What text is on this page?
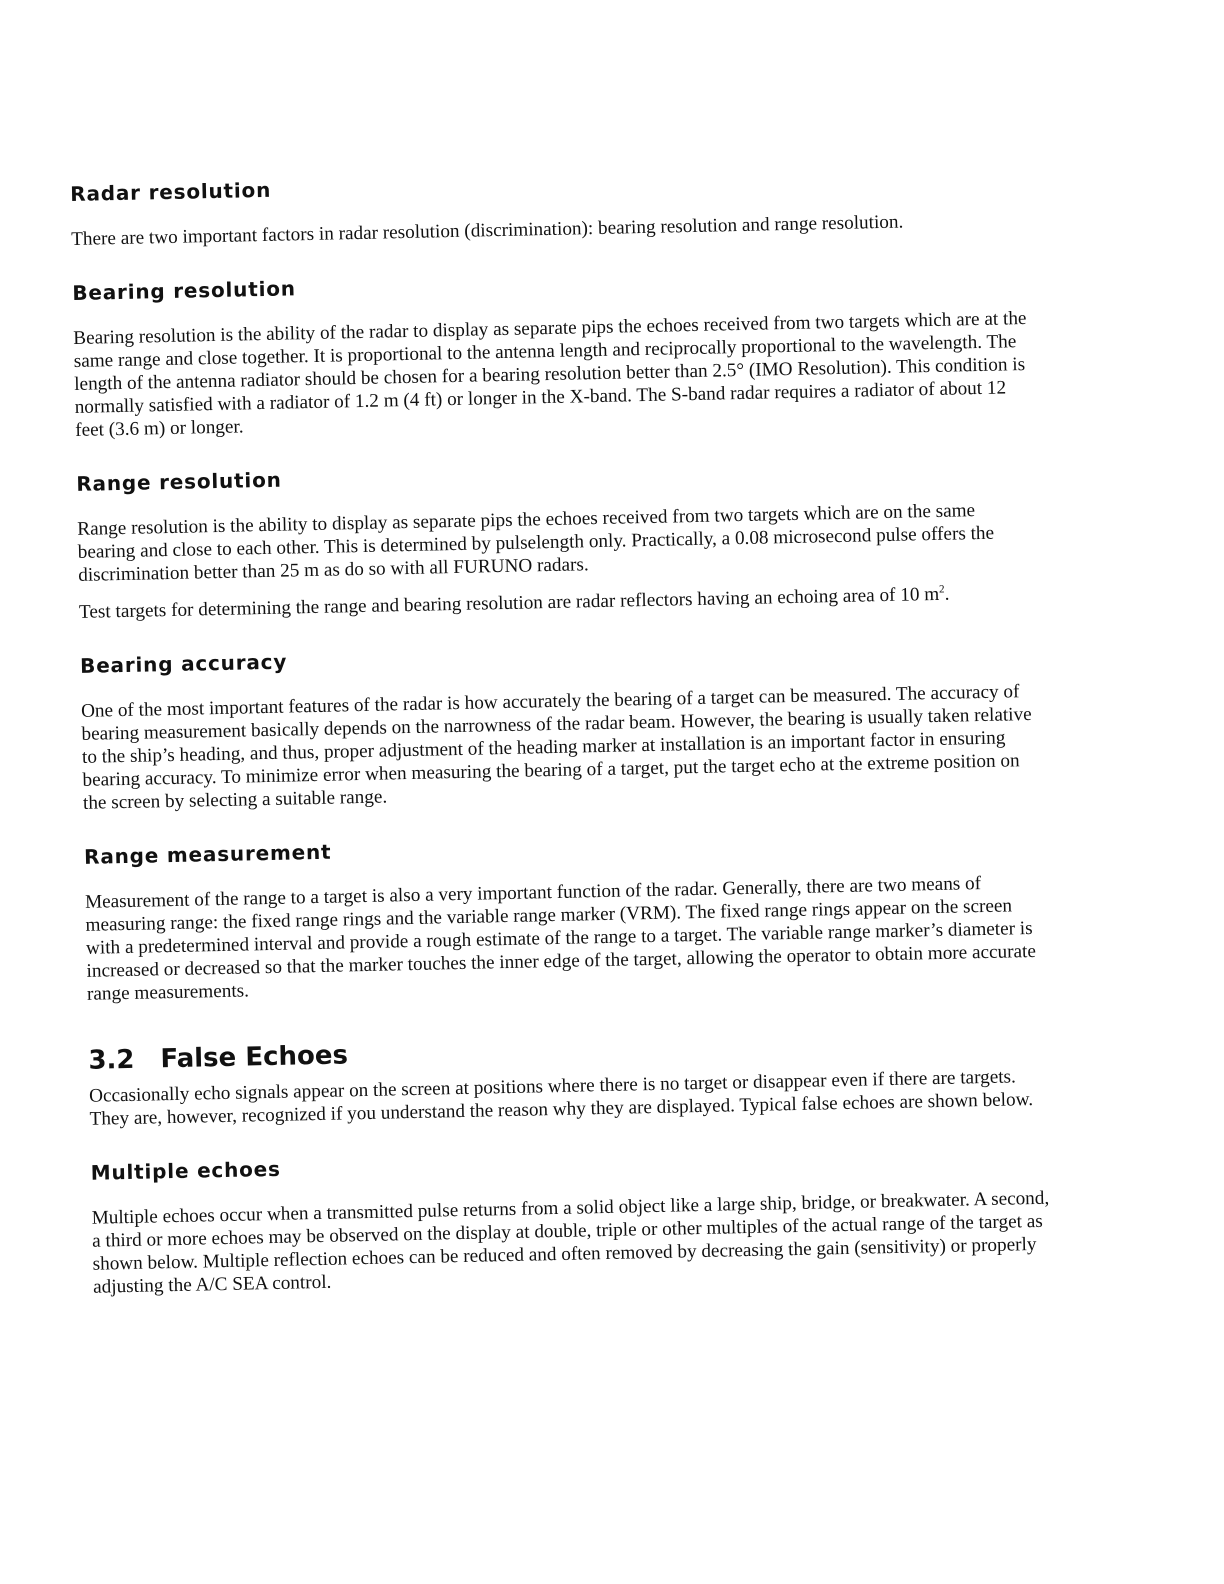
Radar resolution

There are two important factors in radar resolution (discrimination): bearing resolution and range resolution.

Bearing resolution

Bearing resolution is the ability of the radar to display as separate pips the echoes received from two targets which are at the same range and close together. It is proportional to the antenna length and reciprocally proportional to the wavelength. The length of the antenna radiator should be chosen for a bearing resolution better than 2.5° (IMO Resolution). This condition is normally satisfied with a radiator of 1.2 m (4 ft) or longer in the X-band. The S-band radar requires a radiator of about 12 feet (3.6 m) or longer.

Range resolution

Range resolution is the ability to display as separate pips the echoes received from two targets which are on the same bearing and close to each other. This is determined by pulselength only. Practically, a 0.08 microsecond pulse offers the discrimination better than 25 m as do so with all FURUNO radars.

Test targets for determining the range and bearing resolution are radar reflectors having an echoing area of 10 $m^2$.

Bearing accuracy

One of the most important features of the radar is how accurately the bearing of a target can be measured. The accuracy of bearing measurement basically depends on the narrowness of the radar beam. However, the bearing is usually taken relative to the ship’s heading, and thus, proper adjustment of the heading marker at installation is an important factor in ensuring bearing accuracy. To minimize error when measuring the bearing of a target, put the target echo at the extreme position on the screen by selecting a suitable range.

Range measurement

Measurement of the range to a target is also a very important function of the radar. Generally, there are two means of measuring range: the fixed range rings and the variable range marker (VRM). The fixed range rings appear on the screen with a predetermined interval and provide a rough estimate of the range to a target. The variable range marker’s diameter is increased or decreased so that the marker touches the inner edge of the target, allowing the operator to obtain more accurate range measurements.

3.2 False Echoes

Occasionally echo signals appear on the screen at positions where there is no target or disappear even if there are targets. They are, however, recognized if you understand the reason why they are displayed. Typical false echoes are shown below.

Multiple echoes

Multiple echoes occur when a transmitted pulse returns from a solid object like a large ship, bridge, or breakwater. A second, a third or more echoes may be observed on the display at double, triple or other multiples of the actual range of the target as shown below. Multiple reflection echoes can be reduced and often removed by decreasing the gain (sensitivity) or properly adjusting the A/C SEA control.
